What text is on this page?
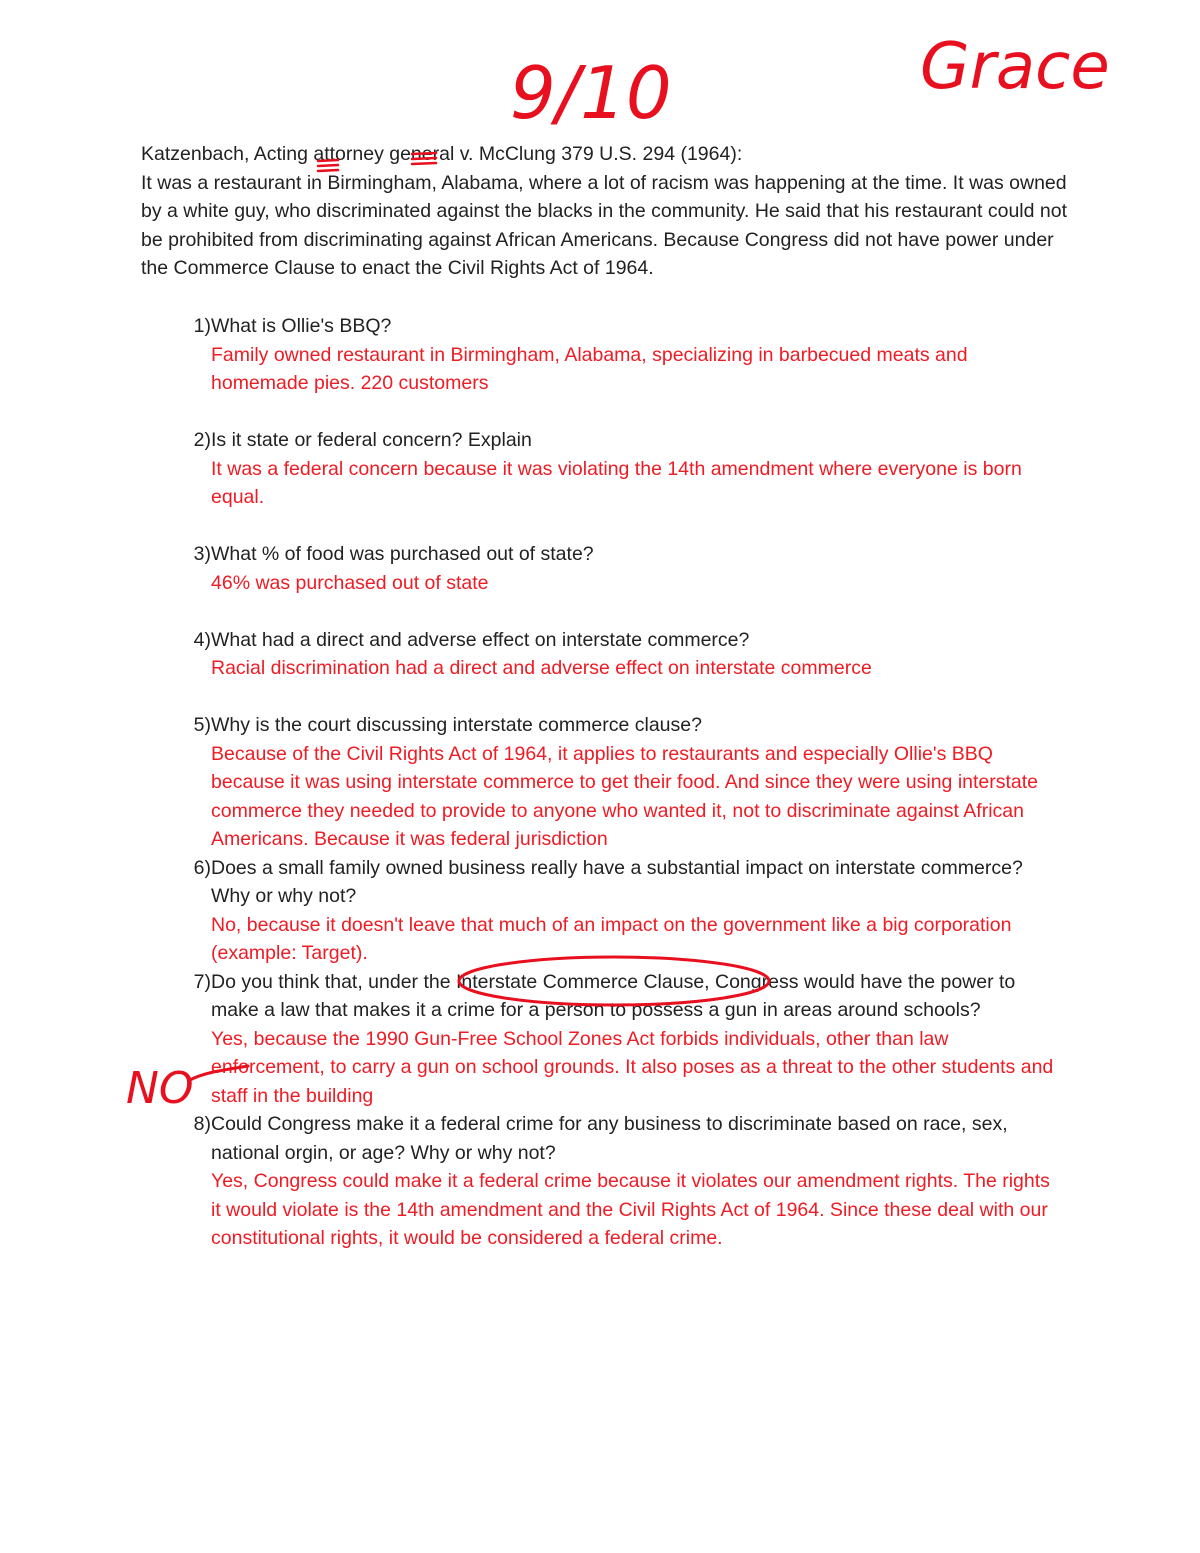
Katzenbach, Acting attorney general v. McClung 379 U.S. 294 (1964):

It was a restaurant in Birmingham, Alabama, where a lot of racism was happening at the time. It was owned by a white guy, who discriminated against the blacks in the community. He said that his restaurant could not be prohibited from discriminating against African Americans. Because Congress did not have power under the Commerce Clause to enact the Civil Rights Act of 1964.

1) What is Ollie's BBQ?
Family owned restaurant in Birmingham, Alabama, specializing in barbecued meats and homemade pies. 220 customers
2) Is it state or federal concern? Explain
It was a federal concern because it was violating the 14th amendment where everyone is born equal.
3) What % of food was purchased out of state?
46% was purchased out of state
4) What had a direct and adverse effect on interstate commerce?
Racial discrimination had a direct and adverse effect on interstate commerce
5) Why is the court discussing interstate commerce clause?
Because of the Civil Rights Act of 1964, it applies to restaurants and especially Ollie's BBQ because it was using interstate commerce to get their food. And since they were using interstate commerce they needed to provide to anyone who wanted it, not to discriminate against African Americans. Because it was federal jurisdiction
6) Does a small family owned business really have a substantial impact on interstate commerce? Why or why not?
No, because it doesn't leave that much of an impact on the government like a big corporation (example: Target).
7) Do you think that, under the Interstate Commerce Clause, Congress would have the power to make a law that makes it a crime for a person to possess a gun in areas around schools?
Yes, because the 1990 Gun-Free School Zones Act forbids individuals, other than law enforcement, to carry a gun on school grounds. It also poses as a threat to the other students and staff in the building
8) Could Congress make it a federal crime for any business to discriminate based on race, sex, national orgin, or age? Why or why not?
Yes, Congress could make it a federal crime because it violates our amendment rights. The rights it would violate is the 14th amendment and the Civil Rights Act of 1964. Since these deal with our constitutional rights, it would be considered a federal crime.
9/10	Grace
NO
